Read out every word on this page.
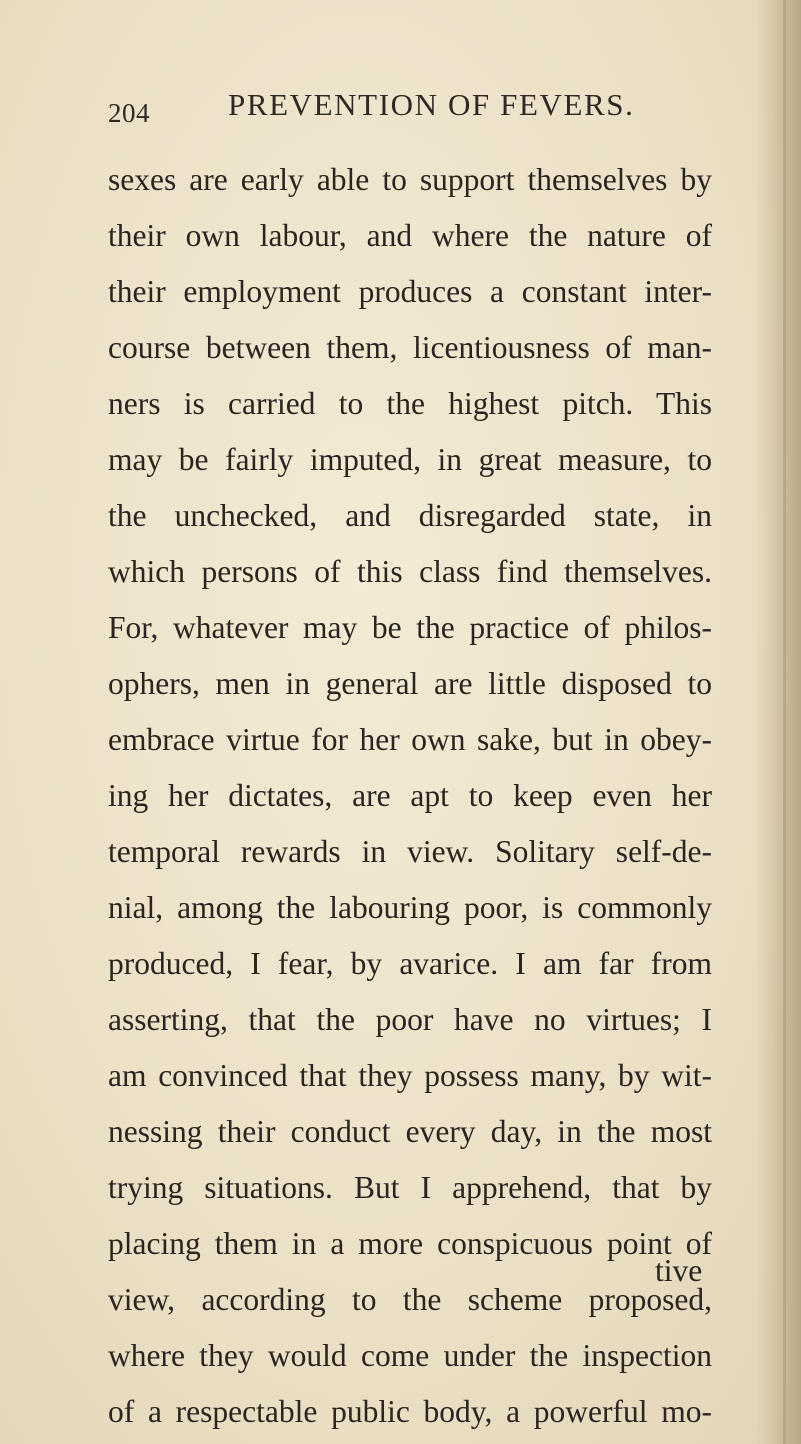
204	PREVENTION OF FEVERS.
sexes are early able to support themselves by
their own labour, and where the nature of
their employment produces a constant inter-
course between them, licentiousness of man-
ners is carried to the highest pitch. This
may be fairly imputed, in great measure, to
the unchecked, and disregarded state, in
which persons of this class find themselves.
For, whatever may be the practice of philos-
ophers, men in general are little disposed to
embrace virtue for her own sake, but in obey-
ing her dictates, are apt to keep even her
temporal rewards in view. Solitary self-de-
nial, among the labouring poor, is commonly
produced, I fear, by avarice. I am far from
asserting, that the poor have no virtues; I
am convinced that they possess many, by wit-
nessing their conduct every day, in the most
trying situations. But I apprehend, that by
placing them in a more conspicuous point of
view, according to the scheme proposed,
where they would come under the inspection
of a respectable public body, a powerful mo-
tive
